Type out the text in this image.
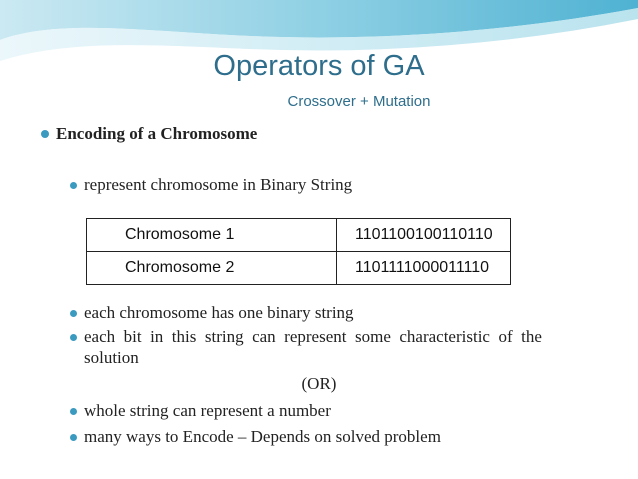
Operators of GA
Crossover + Mutation
Encoding of a Chromosome
represent chromosome in Binary String
Chromosome 1	1101100100110110
Chromosome 2	1101111000011110
each chromosome has one binary string
each  bit  in  this  string  can  represent  some  characteristic  of  the
solution
(OR)
whole string can represent a number
many ways to Encode – Depends on solved problem
